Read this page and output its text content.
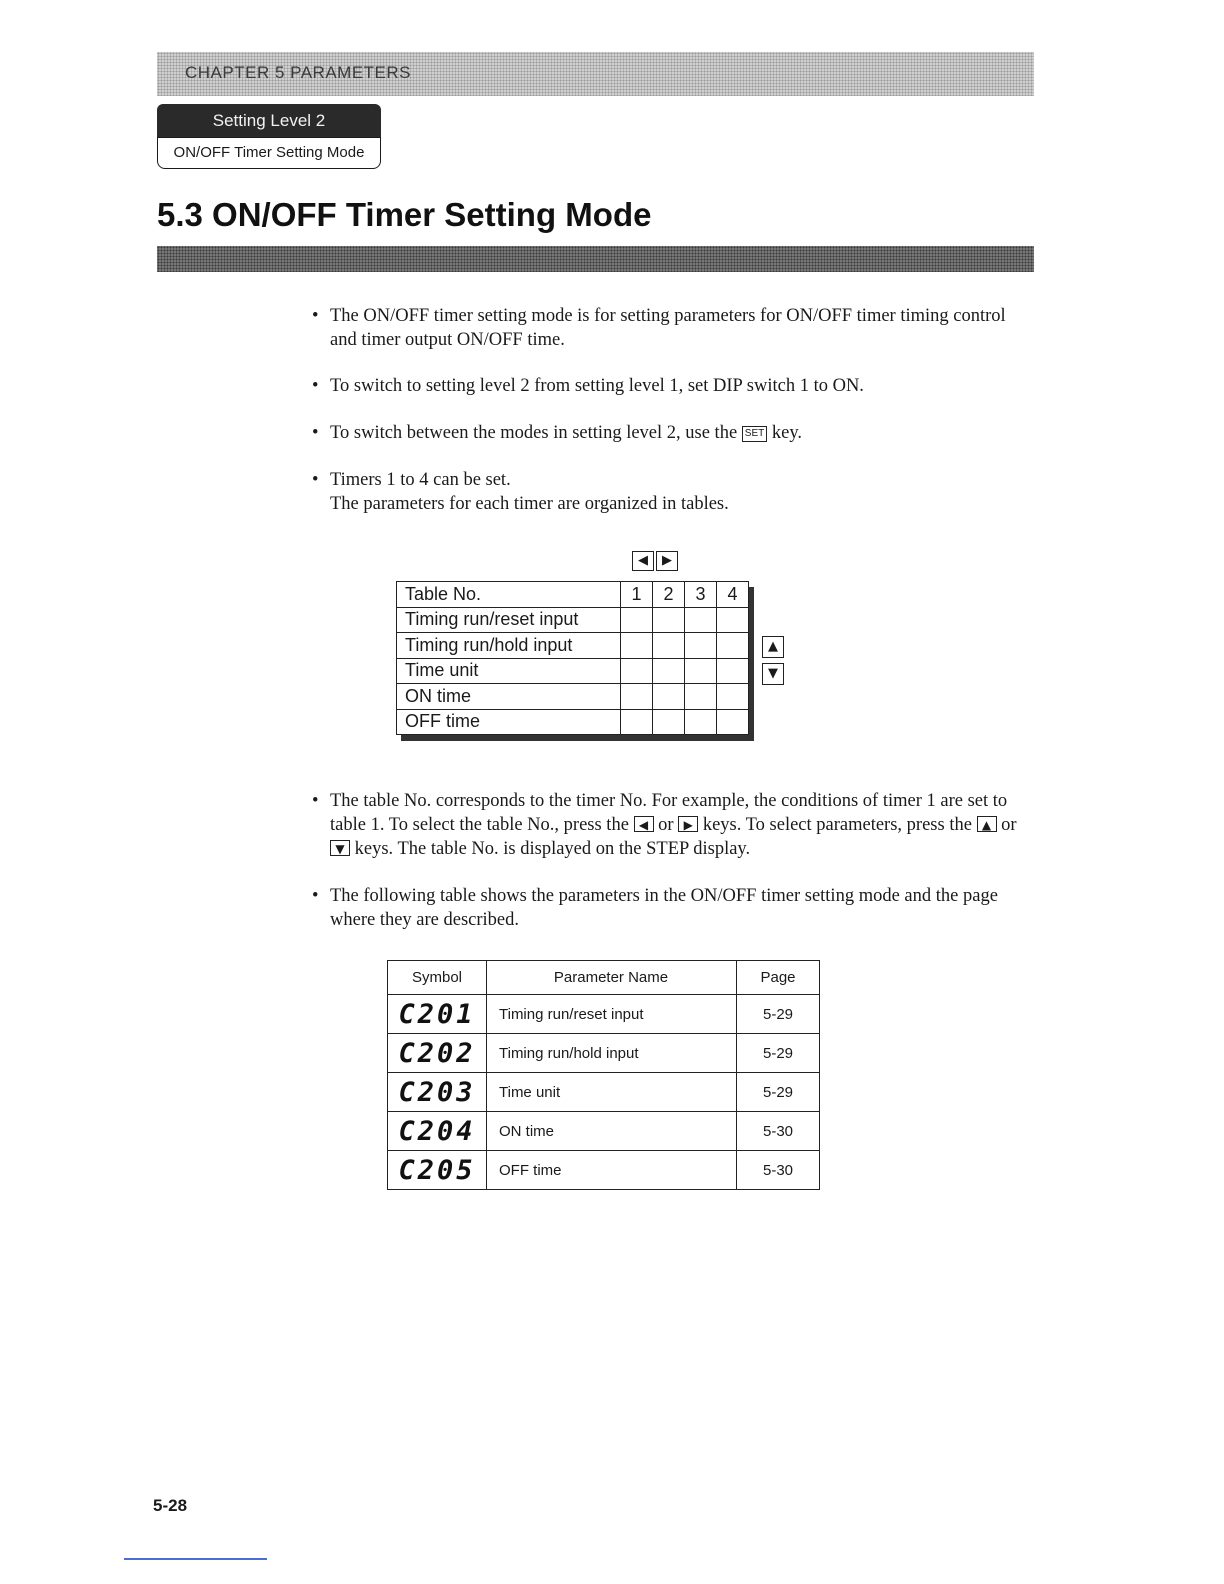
CHAPTER 5 PARAMETERS
Setting Level 2
ON/OFF Timer Setting Mode
5.3 ON/OFF Timer Setting Mode
• The ON/OFF timer setting mode is for setting parameters for ON/OFF timer timing control and timer output ON/OFF time.
• To switch to setting level 2 from setting level 1, set DIP switch 1 to ON.
• To switch between the modes in setting level 2, use the SET key.
• Timers 1 to 4 can be set.
The parameters for each timer are organized in tables.
◀	▶
Table No.	1	2	3	4
Timing run/reset input				
Timing run/hold input				
Time unit				
ON time				
OFF time				
▲
▼
• The table No. corresponds to the timer No. For example, the conditions of timer 1 are set to table 1. To select the table No., press the ◀ or ▶ keys. To select parameters, press the ▲ or ▼ keys. The table No. is displayed on the STEP display.
• The following table shows the parameters in the ON/OFF timer setting mode and the page where they are described.
Symbol	Parameter Name	Page
C201	Timing run/reset input	5-29
C202	Timing run/hold input	5-29
C203	Time unit	5-29
C204	ON time	5-30
C205	OFF time	5-30
5-28
